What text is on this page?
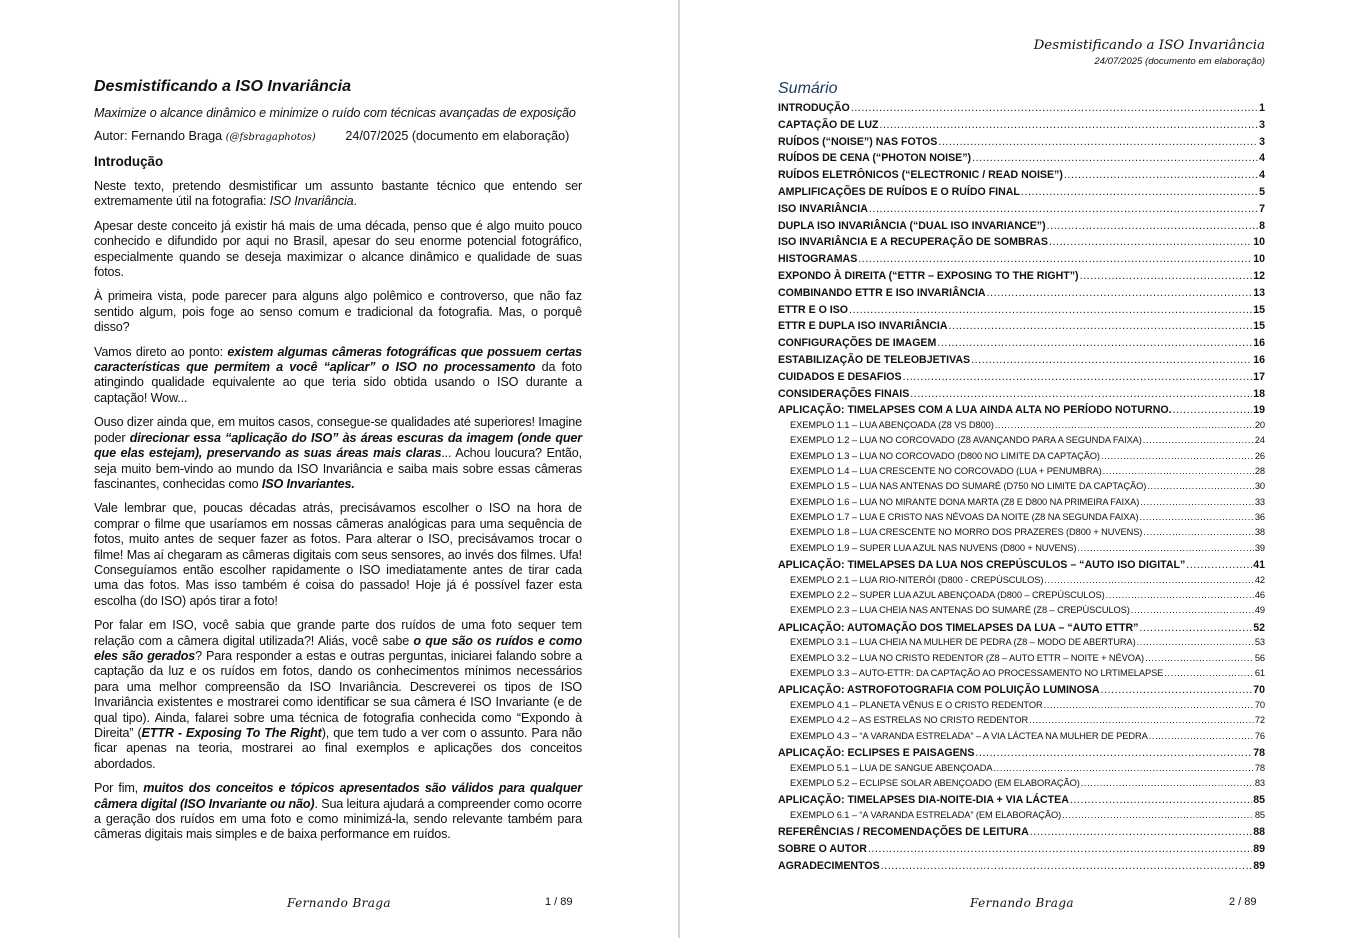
Desmistificando a ISO Invariância
Maximize o alcance dinâmico e minimize o ruído com técnicas avançadas de exposição
Autor: Fernando Braga (@fsbragaphotos) 24/07/2025 (documento em elaboração)
Introdução

Neste texto, pretendo desmistificar um assunto bastante técnico que entendo ser extremamente útil na fotografia: ISO Invariância.

Apesar deste conceito já existir há mais de uma década, penso que é algo muito pouco conhecido e difundido por aqui no Brasil, apesar do seu enorme potencial fotográfico, especialmente quando se deseja maximizar o alcance dinâmico e qualidade de suas fotos.

À primeira vista, pode parecer para alguns algo polêmico e controverso, que não faz sentido algum, pois foge ao senso comum e tradicional da fotografia. Mas, o porquê disso?

Vamos direto ao ponto: existem algumas câmeras fotográficas que possuem certas características que permitem a você “aplicar” o ISO no processamento da foto atingindo qualidade equivalente ao que teria sido obtida usando o ISO durante a captação! Wow...

Ouso dizer ainda que, em muitos casos, consegue-se qualidades até superiores! Imagine poder direcionar essa “aplicação do ISO” às áreas escuras da imagem (onde quer que elas estejam), preservando as suas áreas mais claras... Achou loucura? Então, seja muito bem-vindo ao mundo da ISO Invariância e saiba mais sobre essas câmeras fascinantes, conhecidas como ISO Invariantes.

Vale lembrar que, poucas décadas atrás, precisávamos escolher o ISO na hora de comprar o filme que usaríamos em nossas câmeras analógicas para uma sequência de fotos, muito antes de sequer fazer as fotos. Para alterar o ISO, precisávamos trocar o filme! Mas aí chegaram as câmeras digitais com seus sensores, ao invés dos filmes. Ufa! Conseguíamos então escolher rapidamente o ISO imediatamente antes de tirar cada uma das fotos. Mas isso também é coisa do passado! Hoje já é possível fazer esta escolha (do ISO) após tirar a foto!

Por falar em ISO, você sabia que grande parte dos ruídos de uma foto sequer tem relação com a câmera digital utilizada?! Aliás, você sabe o que são os ruídos e como eles são gerados? Para responder a estas e outras perguntas, iniciarei falando sobre a captação da luz e os ruídos em fotos, dando os conhecimentos mínimos necessários para uma melhor compreensão da ISO Invariância. Descreverei os tipos de ISO Invariância existentes e mostrarei como identificar se sua câmera é ISO Invariante (e de qual tipo). Ainda, falarei sobre uma técnica de fotografia conhecida como “Expondo à Direita” (ETTR - Exposing To The Right), que tem tudo a ver com o assunto. Para não ficar apenas na teoria, mostrarei ao final exemplos e aplicações dos conceitos abordados.

Por fim, muitos dos conceitos e tópicos apresentados são válidos para qualquer câmera digital (ISO Invariante ou não). Sua leitura ajudará a compreender como ocorre a geração dos ruídos em uma foto e como minimizá-la, sendo relevante também para câmeras digitais mais simples e de baixa performance em ruídos.

Fernando Braga	1 / 89
Desmistificando a ISO Invariância
24/07/2025 (documento em elaboração)
Sumário
INTRODUÇÃO .....	1
CAPTAÇÃO DE LUZ .....	3
RUÍDOS (“NOISE”) NAS FOTOS .....	3
RUÍDOS DE CENA (“PHOTON NOISE”) .....	4
RUÍDOS ELETRÔNICOS (“ELECTRONIC / READ NOISE”) .....	4
AMPLIFICAÇÕES DE RUÍDOS E O RUÍDO FINAL .....	5
ISO INVARIÂNCIA .....	7
DUPLA ISO INVARIÂNCIA (“DUAL ISO INVARIANCE”) .....	8
ISO INVARIÂNCIA E A RECUPERAÇÃO DE SOMBRAS .....	10
HISTOGRAMAS .....	10
EXPONDO À DIREITA (“ETTR – EXPOSING TO THE RIGHT”) .....	12
COMBINANDO ETTR E ISO INVARIÂNCIA .....	13
ETTR E O ISO .....	15
ETTR E DUPLA ISO INVARIÂNCIA .....	15
CONFIGURAÇÕES DE IMAGEM .....	16
ESTABILIZAÇÃO DE TELEOBJETIVAS .....	16
CUIDADOS E DESAFIOS .....	17
CONSIDERAÇÕES FINAIS .....	18
APLICAÇÃO: TIMELAPSES COM A LUA AINDA ALTA NO PERÍODO NOTURNO. .....	19
EXEMPLO 1.1 – LUA ABENÇOADA (Z8 VS D800) .....	20
EXEMPLO 1.2 – LUA NO CORCOVADO (Z8 AVANÇANDO PARA A SEGUNDA FAIXA) .....	24
EXEMPLO 1.3 – LUA NO CORCOVADO (D800 NO LIMITE DA CAPTAÇÃO) .....	26
EXEMPLO 1.4 – LUA CRESCENTE NO CORCOVADO (LUA + PENUMBRA) .....	28
EXEMPLO 1.5 – LUA NAS ANTENAS DO SUMARÉ (D750 NO LIMITE DA CAPTAÇÃO) .....	30
EXEMPLO 1.6 – LUA NO MIRANTE DONA MARTA (Z8 E D800 NA PRIMEIRA FAIXA) .....	33
EXEMPLO 1.7 – LUA E CRISTO NAS NÉVOAS DA NOITE (Z8 NA SEGUNDA FAIXA) .....	36
EXEMPLO 1.8 – LUA CRESCENTE NO MORRO DOS PRAZERES (D800 + NUVENS) .....	38
EXEMPLO 1.9 – SUPER LUA AZUL NAS NUVENS (D800 + NUVENS) .....	39
APLICAÇÃO: TIMELAPSES DA LUA NOS CREPÚSCULOS – “AUTO ISO DIGITAL” .....	41
EXEMPLO 2.1 – LUA RIO-NITERÓI (D800 - CREPÚSCULOS) .....	42
EXEMPLO 2.2 – SUPER LUA AZUL ABENÇOADA (D800 – CREPÚSCULOS) .....	46
EXEMPLO 2.3 – LUA CHEIA NAS ANTENAS DO SUMARÉ (Z8 – CREPÚSCULOS) .....	49
APLICAÇÃO: AUTOMAÇÃO DOS TIMELAPSES DA LUA – “AUTO ETTR” .....	52
EXEMPLO 3.1 – LUA CHEIA NA MULHER DE PEDRA (Z8 – MODO DE ABERTURA) .....	53
EXEMPLO 3.2 – LUA NO CRISTO REDENTOR (Z8 – AUTO ETTR – NOITE + NÉVOA) .....	56
EXEMPLO 3.3 – AUTO-ETTR: DA CAPTAÇÃO AO PROCESSAMENTO NO LRTIMELAPSE .....	61
APLICAÇÃO: ASTROFOTOGRAFIA COM POLUIÇÃO LUMINOSA .....	70
EXEMPLO 4.1 – PLANETA VÊNUS E O CRISTO REDENTOR .....	70
EXEMPLO 4.2 – AS ESTRELAS NO CRISTO REDENTOR .....	72
EXEMPLO 4.3 – “A VARANDA ESTRELADA” – A VIA LÁCTEA NA MULHER DE PEDRA .....	76
APLICAÇÃO: ECLIPSES E PAISAGENS .....	78
EXEMPLO 5.1 – LUA DE SANGUE ABENÇOADA .....	78
EXEMPLO 5.2 – ECLIPSE SOLAR ABENÇOADO (EM ELABORAÇÃO) .....	83
APLICAÇÃO: TIMELAPSES DIA-NOITE-DIA + VIA LÁCTEA .....	85
EXEMPLO 6.1 – “A VARANDA ESTRELADA” (EM ELABORAÇÃO) .....	85
REFERÊNCIAS / RECOMENDAÇÕES DE LEITURA .....	88
SOBRE O AUTOR .....	89
AGRADECIMENTOS .....	89
Fernando Braga	2 / 89
